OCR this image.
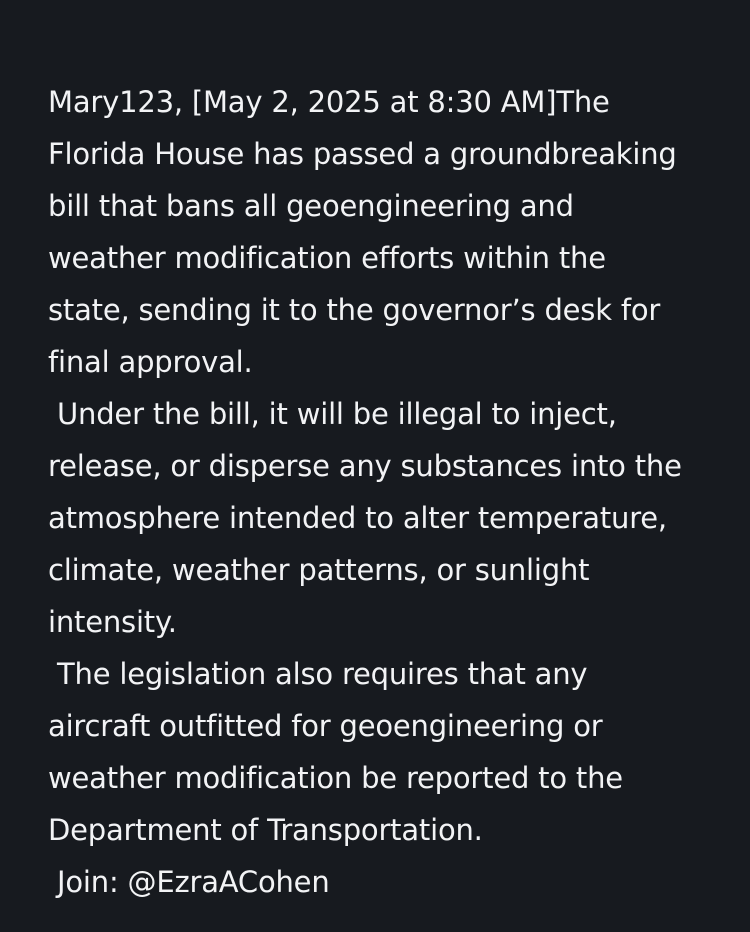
Mary123, [May 2, 2025 at 8:30 AM]The
Florida House has passed a groundbreaking
bill that bans all geoengineering and
weather modification efforts within the
state, sending it to the governor’s desk for
final approval.
Under the bill, it will be illegal to inject,
release, or disperse any substances into the
atmosphere intended to alter temperature,
climate, weather patterns, or sunlight
intensity.
The legislation also requires that any
aircraft outfitted for geoengineering or
weather modification be reported to the
Department of Transportation.
Join: @EzraACohen
